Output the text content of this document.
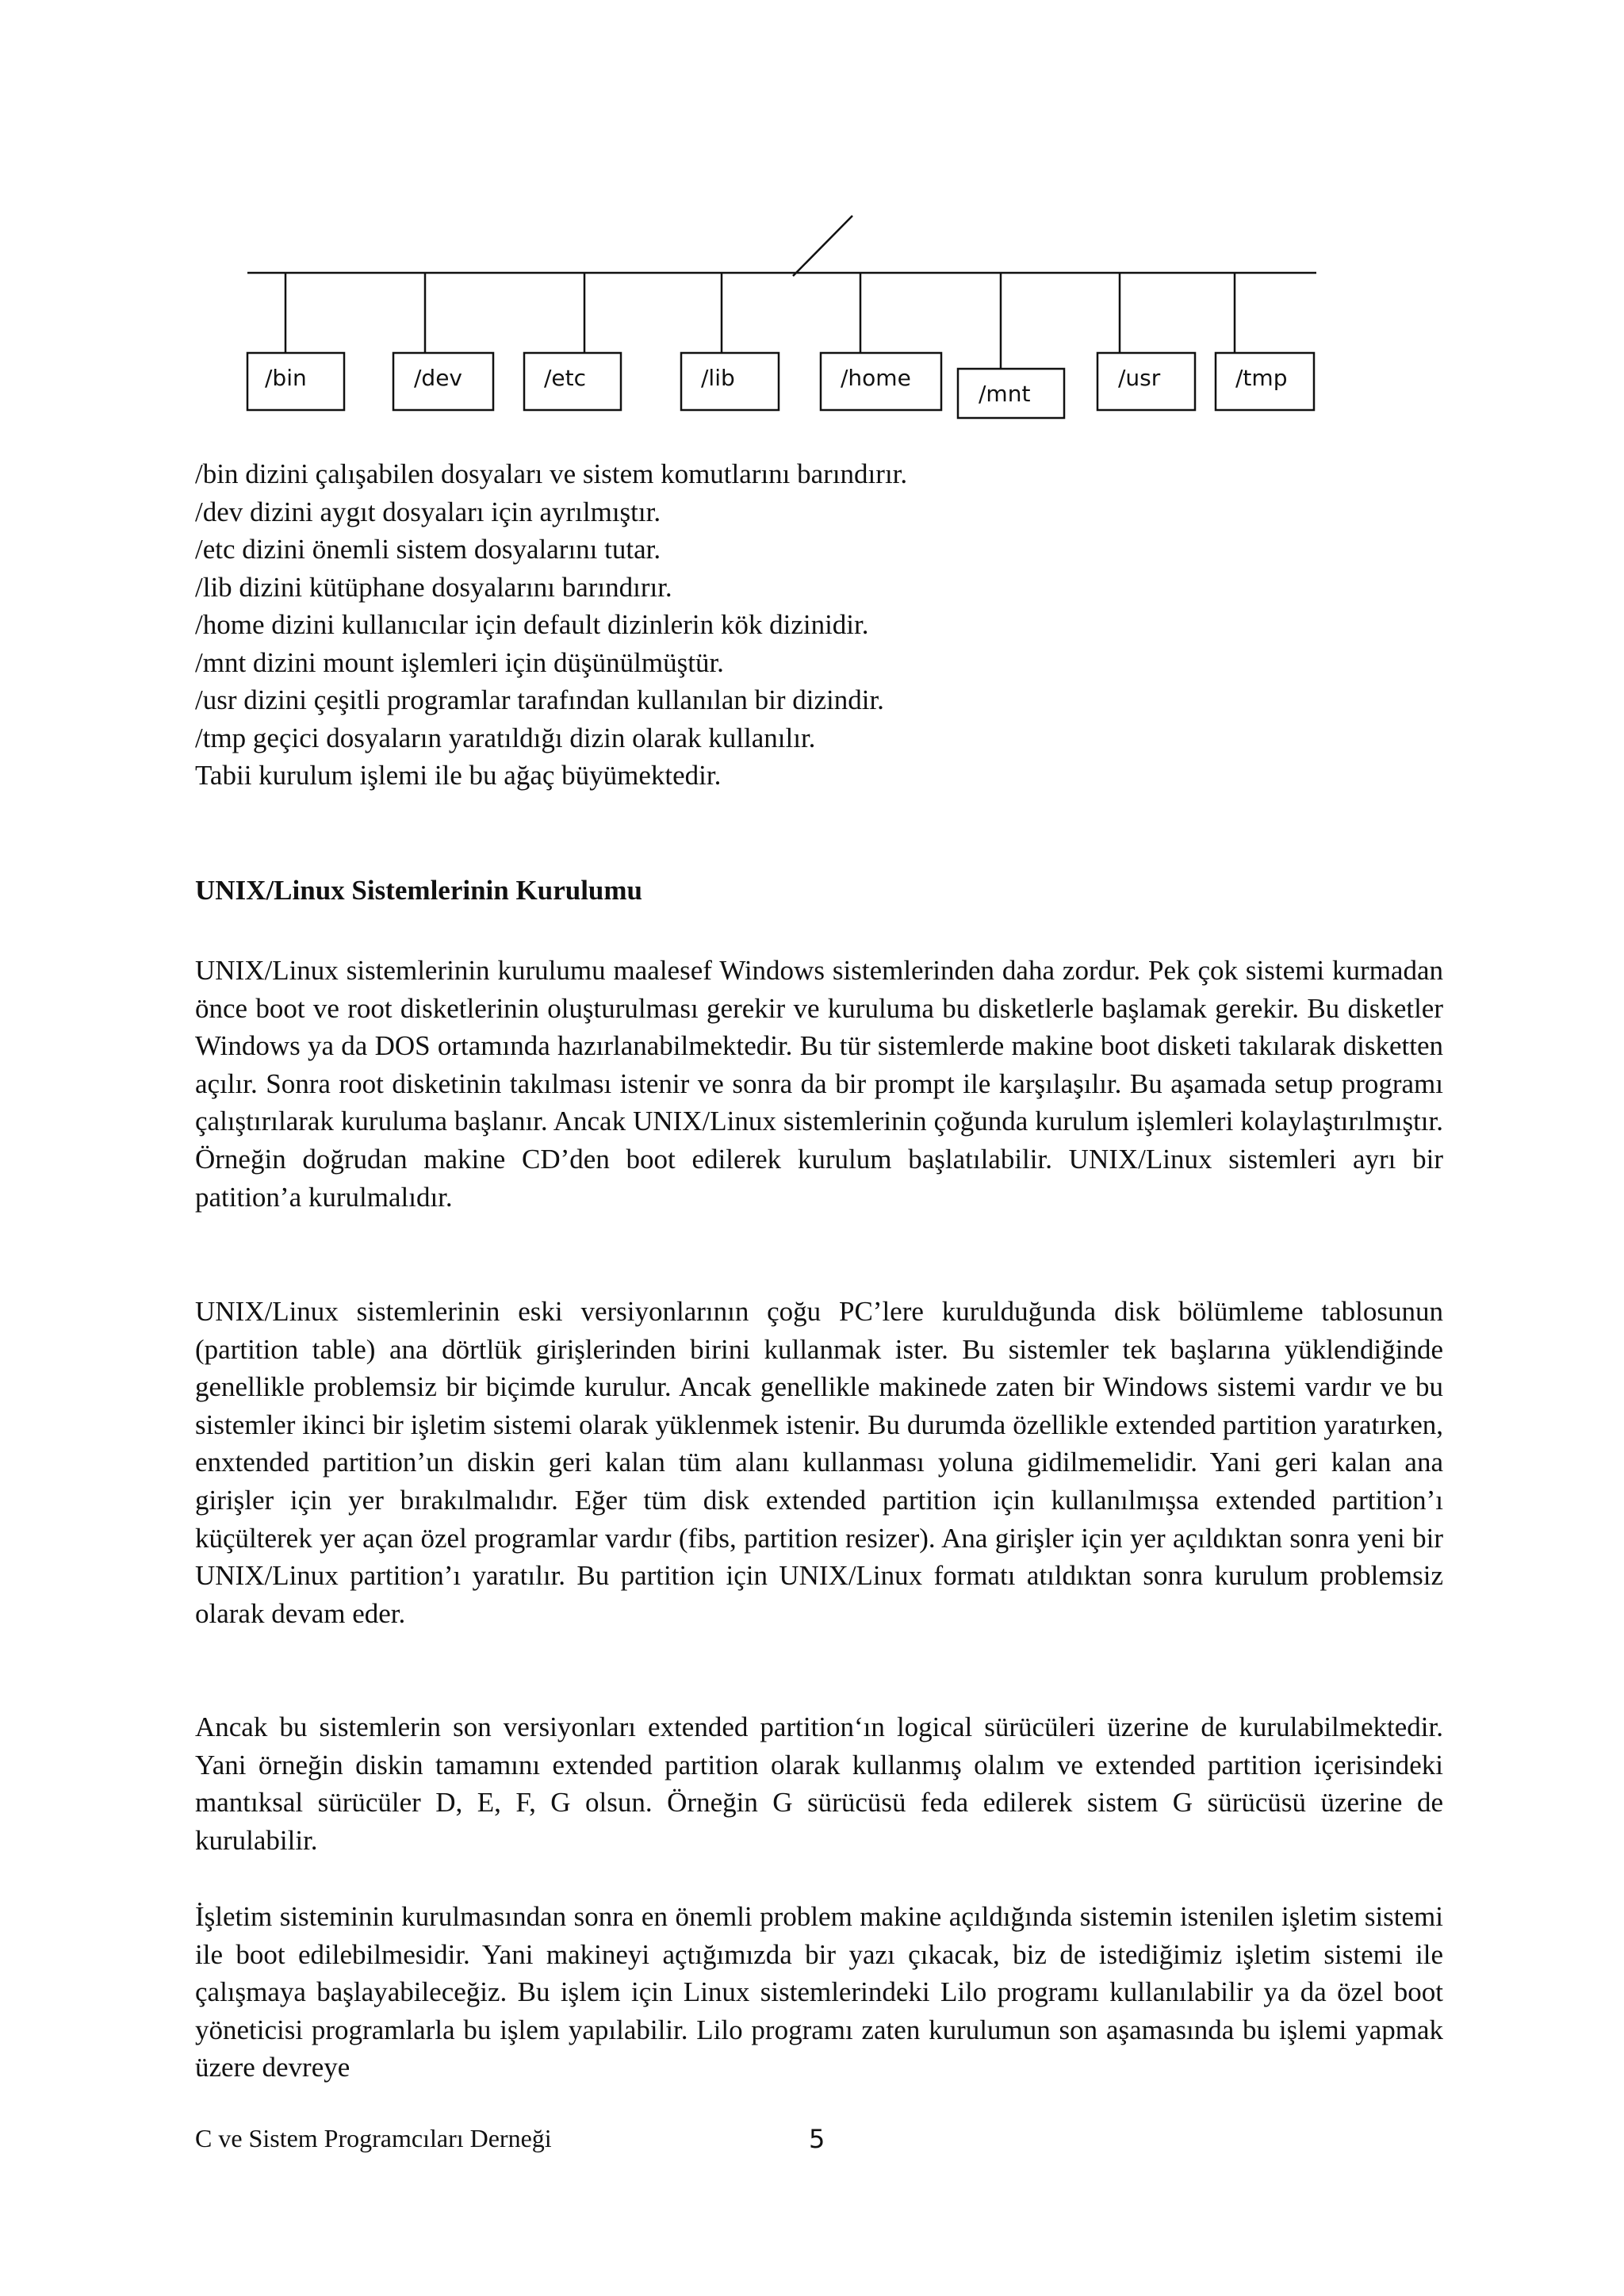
/bin	/dev	/etc	/lib	/home
/mnt
/usr	/tmp
/bin dizini çalışabilen dosyaları ve sistem komutlarını barındırır.
/dev dizini aygıt dosyaları için ayrılmıştır.
/etc dizini önemli sistem dosyalarını tutar.
/lib dizini kütüphane dosyalarını barındırır.
/home dizini kullanıcılar için default dizinlerin kök dizinidir.
/mnt dizini mount işlemleri için düşünülmüştür.
/usr dizini çeşitli programlar tarafından kullanılan bir dizindir.
/tmp geçici dosyaların yaratıldığı dizin olarak kullanılır.
Tabii kurulum işlemi ile bu ağaç büyümektedir.
UNIX/Linux Sistemlerinin Kurulumu
UNIX/Linux sistemlerinin kurulumu maalesef Windows sistemlerinden daha zordur. Pek çok sistemi kurmadan önce boot ve root disketlerinin oluşturulması gerekir ve kuruluma bu disketlerle başlamak gerekir. Bu disketler Windows ya da DOS ortamında hazırlanabilmektedir. Bu tür sistemlerde makine boot disketi takılarak disketten açılır. Sonra root disketinin takılması istenir ve sonra da bir prompt ile karşılaşılır. Bu aşamada setup programı çalıştırılarak kuruluma başlanır. Ancak UNIX/Linux sistemlerinin çoğunda kurulum işlemleri kolaylaştırılmıştır. Örneğin doğrudan makine CD’den boot edilerek kurulum başlatılabilir. UNIX/Linux sistemleri ayrı bir patition’a kurulmalıdır.
UNIX/Linux sistemlerinin eski versiyonlarının çoğu PC’lere kurulduğunda disk bölümleme tablosunun (partition table) ana dörtlük girişlerinden birini kullanmak ister. Bu sistemler tek başlarına yüklendiğinde genellikle problemsiz bir biçimde kurulur. Ancak genellikle makinede zaten bir Windows sistemi vardır ve bu sistemler ikinci bir işletim sistemi olarak yüklenmek istenir. Bu durumda özellikle extended partition yaratırken, enxtended partition’un diskin geri kalan tüm alanı kullanması yoluna gidilmemelidir. Yani geri kalan ana girişler için yer bırakılmalıdır. Eğer tüm disk extended partition için kullanılmışsa extended partition’ı küçülterek yer açan özel programlar vardır (fibs, partition resizer). Ana girişler için yer açıldıktan sonra yeni bir UNIX/Linux partition’ı yaratılır. Bu partition için UNIX/Linux formatı atıldıktan sonra kurulum problemsiz olarak devam eder.
Ancak bu sistemlerin son versiyonları extended partition‘ın logical sürücüleri üzerine de kurulabilmektedir. Yani örneğin diskin tamamını extended partition olarak kullanmış olalım ve extended partition içerisindeki mantıksal sürücüler D, E, F, G olsun. Örneğin G sürücüsü feda edilerek sistem G sürücüsü üzerine de kurulabilir.
İşletim sisteminin kurulmasından sonra en önemli problem makine açıldığında sistemin istenilen işletim sistemi ile boot edilebilmesidir. Yani makineyi açtığımızda bir yazı çıkacak, biz de istediğimiz işletim sistemi ile çalışmaya başlayabileceğiz. Bu işlem için Linux sistemlerindeki Lilo programı kullanılabilir ya da özel boot yöneticisi programlarla bu işlem yapılabilir. Lilo programı zaten kurulumun son aşamasında bu işlemi yapmak üzere devreye
C ve Sistem Programcıları Derneği	5
